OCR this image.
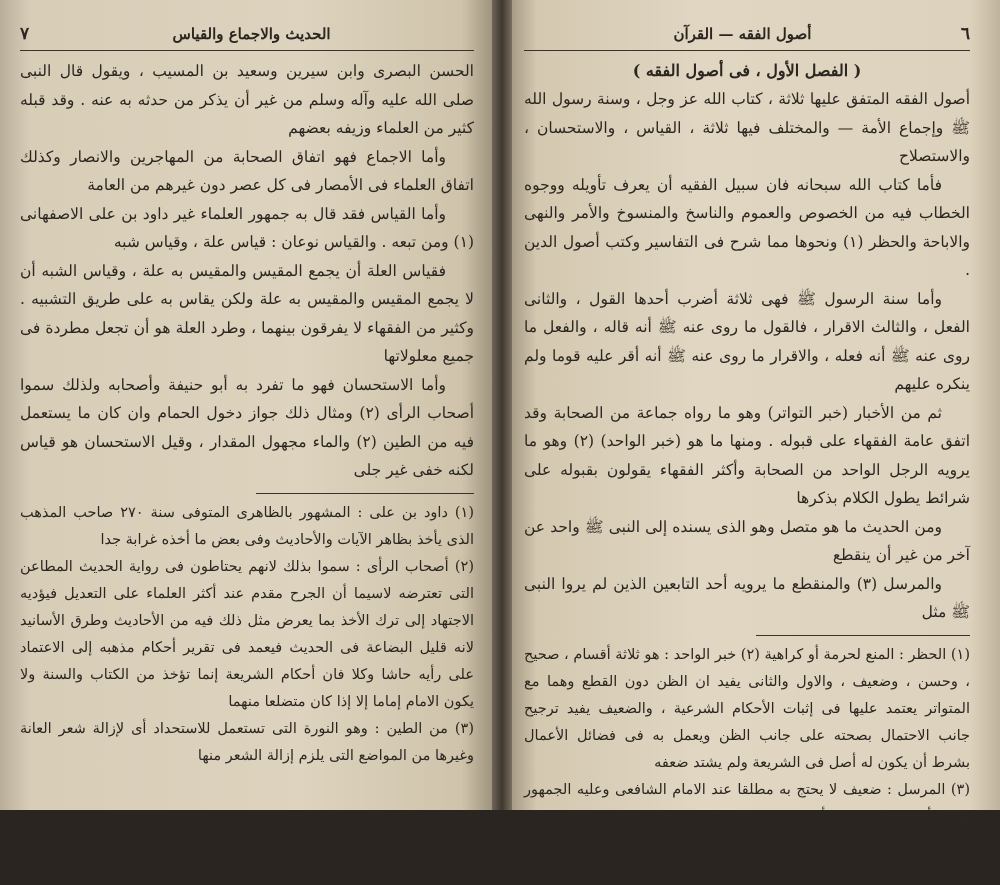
الحديث والاجماع والقياس
٧

الحسن البصرى وابن سيرين وسعيد بن المسيب ، ويقول قال النبى صلى الله عليه وآله وسلم من غير أن يذكر من حدثه به عنه . وقد قبله كثير من العلماء وزيفه بعضهم

وأما الاجماع فهو اتفاق الصحابة من المهاجرين والانصار وكذلك اتفاق العلماء فى الأمصار فى كل عصر دون غيرهم من العامة

وأما القياس فقد قال به جمهور العلماء غير داود بن على الاصفهانى (١) ومن تبعه . والقياس نوعان : قياس علة ، وقياس شبه

فقياس العلة أن يجمع المقيس والمقيس به علة ، وقياس الشبه أن لا يجمع المقيس والمقيس به علة ولكن يقاس به على طريق التشبيه . وكثير من الفقهاء لا يفرقون بينهما ، وطرد العلة هو أن تجعل مطردة فى جميع معلولاتها

وأما الاستحسان فهو ما تفرد به أبو حنيفة وأصحابه ولذلك سموا أصحاب الرأى (٢) ومثال ذلك جواز دخول الحمام وان كان ما يستعمل فيه من الطين (٢) والماء مجهول المقدار ، وقيل الاستحسان هو قياس لكنه خفى غير جلى

(١) داود بن على : المشهور بالظاهرى المتوفى سنة ٢٧٠ صاحب المذهب الذى يأخذ بظاهر الآيات والأحاديث وفى بعض ما أخذه غرابة جدا

(٢) أصحاب الرأى : سموا بذلك لانهم يحتاطون فى رواية الحديث المطاعن التى تعترضه لاسيما أن الجرح مقدم عند أكثر العلماء على التعديل فيؤديه الاجتهاد إلى ترك الأخذ بما يعرض مثل ذلك فيه من الأحاديث وطرق الأسانيد لانه قليل البضاعة فى الحديث فيعمد فى تقرير أحكام مذهبه إلى الاعتماد على رأيه حاشا وكلا فان أحكام الشريعة إنما تؤخذ من الكتاب والسنة ولا يكون الامام إماما إلا إذا كان متضلعا منهما

(٣) من الطين : وهو النورة التى تستعمل للاستحداد أى لإزالة شعر العانة وغيرها من المواضع التى يلزم إزالة الشعر منها

٦
أصول الفقه — القرآن
( الفصل الأول ، فى أصول الفقه )

أصول الفقه المتفق عليها ثلاثة ، كتاب الله عز وجل ، وسنة رسول الله ﷺ وإجماع الأمة — والمختلف فيها ثلاثة ، القياس ، والاستحسان ، والاستصلاح

فأما كتاب الله سبحانه فان سبيل الفقيه أن يعرف تأويله ووجوه الخطاب فيه من الخصوص والعموم والناسخ والمنسوخ والأمر والنهى والاباحة والحظر (١) ونحوها مما شرح فى التفاسير وكتب أصول الدين .

وأما سنة الرسول ﷺ فهى ثلاثة أضرب أحدها القول ، والثانى الفعل ، والثالث الاقرار ، فالقول ما روى عنه ﷺ أنه قاله ، والفعل ما روى عنه ﷺ أنه فعله ، والاقرار ما روى عنه ﷺ أنه أقر عليه قوما ولم ينكره عليهم

ثم من الأخبار (خبر التواتر) وهو ما رواه جماعة من الصحابة وقد اتفق عامة الفقهاء على قبوله . ومنها ما هو (خبر الواحد) (٢) وهو ما يرويه الرجل الواحد من الصحابة وأكثر الفقهاء يقولون بقبوله على شرائط يطول الكلام بذكرها

ومن الحديث ما هو متصل وهو الذى يسنده إلى النبى ﷺ واحد عن آخر من غير أن ينقطع

والمرسل (٣) والمنقطع ما يرويه أحد التابعين الذين لم يروا النبى ﷺ مثل

(١) الحظر : المنع لحرمة أو كراهية (٢) خبر الواحد : هو ثلاثة أقسام ، صحيح ، وحسن ، وضعيف ، والاول والثانى يفيد ان الظن دون القطع وهما مع المتواتر يعتمد عليها فى إثبات الأحكام الشرعية ، والضعيف يفيد ترجيح جانب الاحتمال بصحته على جانب الظن ويعمل به فى فضائل الأعمال بشرط أن يكون له أصل فى الشريعة ولم يشتد ضعفه

(٣) المرسل : ضعيف لا يحتج به مطلقا عند الامام الشافعى وعليه الجمهور واحتج أبو حنيفة ومالك وأحمد بن حنبل بمراسيل سعيد بن المسيب المتوفى سنة ٩٤ فقط لانها مسانيد حمية أبى هريرة لا بمراسيل غيره للجهل بالساقط فى إسناده
